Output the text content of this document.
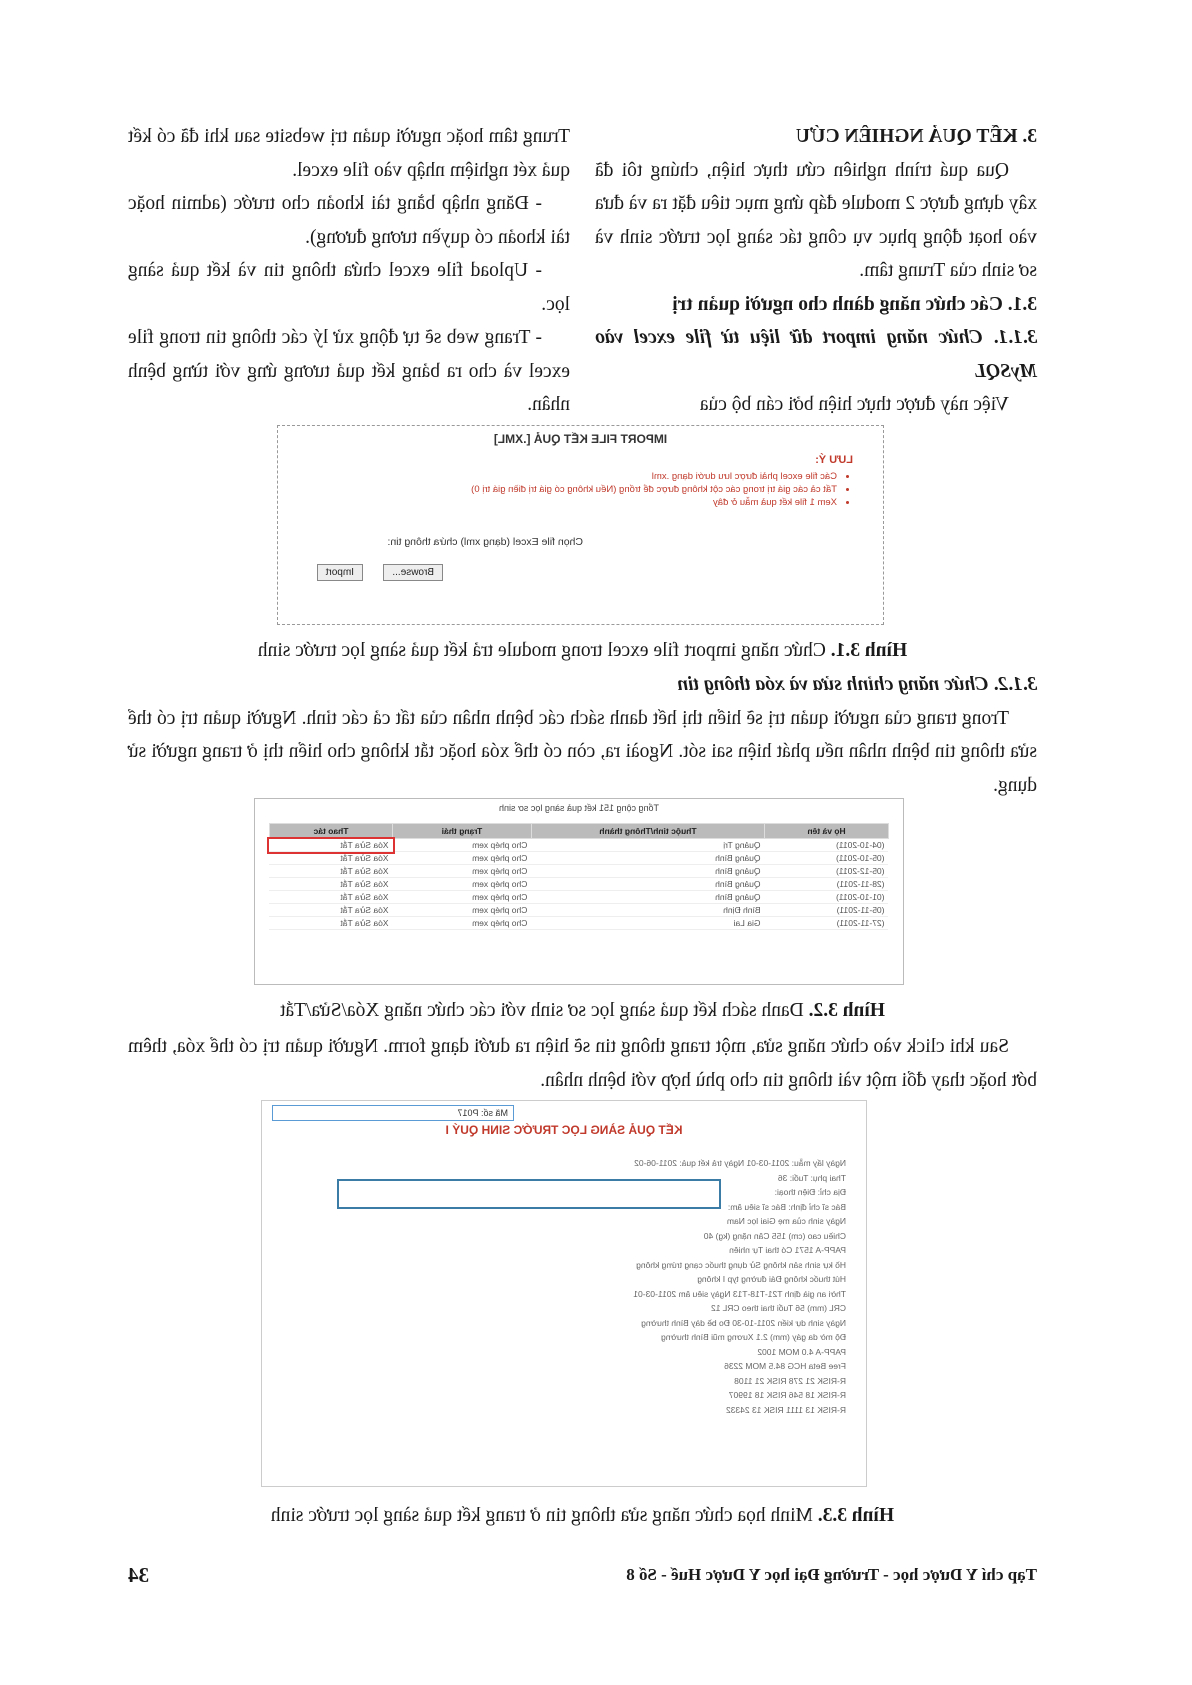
3. KẾT QUẢ NGHIÊN CỨU

Qua quá trình nghiên cứu thực hiện, chúng tôi đã xây dựng được 2 module đáp ứng mục tiêu đặt ra và đưa vào hoạt động phục vụ công tác sàng lọc trước sinh và sơ sinh của Trung tâm.

3.1. Các chức năng dành cho người quản trị

3.1.1. Chức năng import dữ liệu từ file excel vào MySQL

Việc này được thực hiện bởi cán bộ của

Trung tâm hoặc người quản trị website sau khi đã có kết quả xét nghiệm nhập vào file excel.

- Đăng nhập bằng tài khoản cho trước (admin hoặc tài khoản có quyền tương đương).

- Upload file excel chứa thông tin và kết quả sàng lọc.

- Trang web sẽ tự động xử lý các thông tin trong file excel và cho ra bảng kết quả tương ứng với từng bệnh nhân.

IMPORT FILE KẾT QUẢ [.XML]
LƯU Ý:
• Các file excel phải được lưu dưới dạng .xml
• Tất cả các giá trị trong các cột không được để trống (Nếu không có giá trị điền giá trị 0)
• Xem 1 file kết quả mẫu ở đây
Chọn file Excel (dạng xml) chứa thông tin:
Browse...
Import
Hình 3.1. Chức năng import file excel trong module trả kết quả sàng lọc trước sinh

3.1.2. Chức năng chỉnh sửa và xóa thông tin

Trong trang của người quản trị sẽ hiển thị hết danh sách các bệnh nhân của tất cả các tỉnh. Người quản trị có thể sửa thông tin bệnh nhân nếu phát hiện sai sót. Ngoài ra, còn có thể xóa hoặc tắt không cho hiển thị ở trang người sử dụng.

Tổng cộng 151 kết quả sàng lọc sơ sinh
Họ và tên	Thuộc tỉnh/Thông thành	Trạng thái	Thao tác
(04-10-2011)	Quảng Trị	Cho phép xem	Xóa Sửa Tắt
(05-10-2011)	Quảng Bình	Cho phép xem	Xóa Sửa Tắt
(05-12-2011)	Quảng Bình	Cho phép xem	Xóa Sửa Tắt
(28-11-2011)	Quảng Bình	Cho phép xem	Xóa Sửa Tắt
(01-10-2011)	Quảng Bình	Cho phép xem	Xóa Sửa Tắt
(05-11-2011)	Bình Định	Cho phép xem	Xóa Sửa Tắt
(27-11-2011)	Gia Lai	Cho phép xem	Xóa Sửa Tắt
Hình 3.2. Danh sách kết quả sàng lọc sơ sinh với các chức năng Xóa/Sửa/Tắt

Sau khi click vào chức năng sửa, một trang thông tin sẽ hiện ra dưới dạng form. Người quản trị có thể xóa, thêm bớt hoặc thay đổi một vài thông tin cho phù hợp với bệnh nhân.

Mã số: P017
KẾT QUẢ SÀNG LỌC TRƯỚC SINH QUÝ I
Ngày lấy mẫu: 2011-03-01 Ngày trả kết quả: 2011-06-02
Thai phụ: Tuổi: 36
Địa chỉ: Điện thoại:
Bác sĩ chỉ định: Bác sĩ siêu âm:
Ngày sinh của mẹ Giai lọc Nam
Chiều cao (cm) 155 Cân nặng (kg) 40
PAPP-A 1571 Có thai Tự nhiên
Hồ kự sinh sản không Sử dụng thuốc cạng trứng không
Hút thuốc không Đái đường typ I không
Thời an già định T21-T18-T13 Ngày siêu âm 2011-03-01
CRL (mm) 56 Tuổi thai theo CRL 12
Ngày sinh dự kiến 2011-10-30 Đo bề dày Bình thường
Độ mờ da gáy (mm) 2.1 Xương mũi Bình thường
PAPP-A 4.0 MOM 1002
Free Beta HCG 84.5 MOM 2236
R-RISK 21 278 RISK 21 1108
R-RISK 18 546 RISK 18 19907
R-RISK 13 1111 RISK 13 24332
Hình 3.3. Minh họa chức năng sửa thông tin ở trang kết quả sàng lọc trước sinh
Tạp chí Y Dược học - Trường Đại học Y Dược Huế - Số 8
34
